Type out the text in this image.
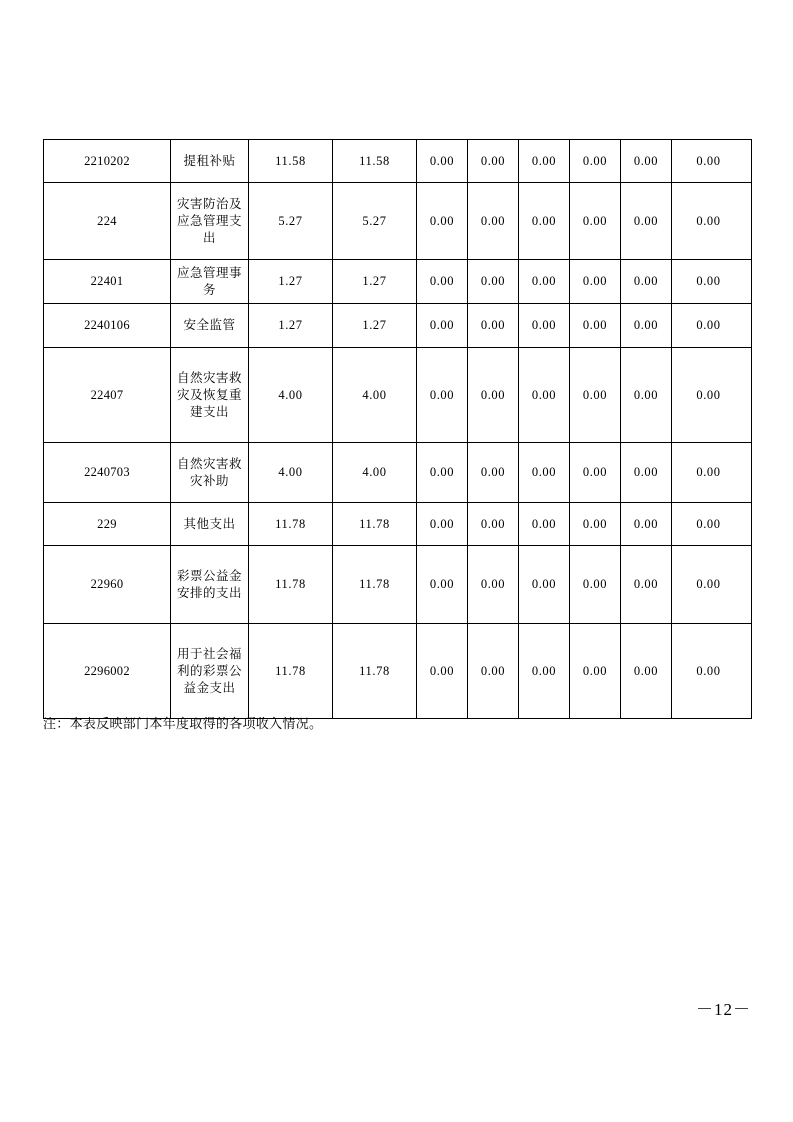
2210202	提租补贴	11.58	11.58	0.00	0.00	0.00	0.00	0.00	0.00
224	灾害防治及应急管理支出	5.27	5.27	0.00	0.00	0.00	0.00	0.00	0.00
22401	应急管理事务	1.27	1.27	0.00	0.00	0.00	0.00	0.00	0.00
2240106	安全监管	1.27	1.27	0.00	0.00	0.00	0.00	0.00	0.00
22407	自然灾害救灾及恢复重建支出	4.00	4.00	0.00	0.00	0.00	0.00	0.00	0.00
2240703	自然灾害救灾补助	4.00	4.00	0.00	0.00	0.00	0.00	0.00	0.00
229	其他支出	11.78	11.78	0.00	0.00	0.00	0.00	0.00	0.00
22960	彩票公益金安排的支出	11.78	11.78	0.00	0.00	0.00	0.00	0.00	0.00
2296002	用于社会福利的彩票公益金支出	11.78	11.78	0.00	0.00	0.00	0.00	0.00	0.00
注：本表反映部门本年度取得的各项收入情况。
－12－
